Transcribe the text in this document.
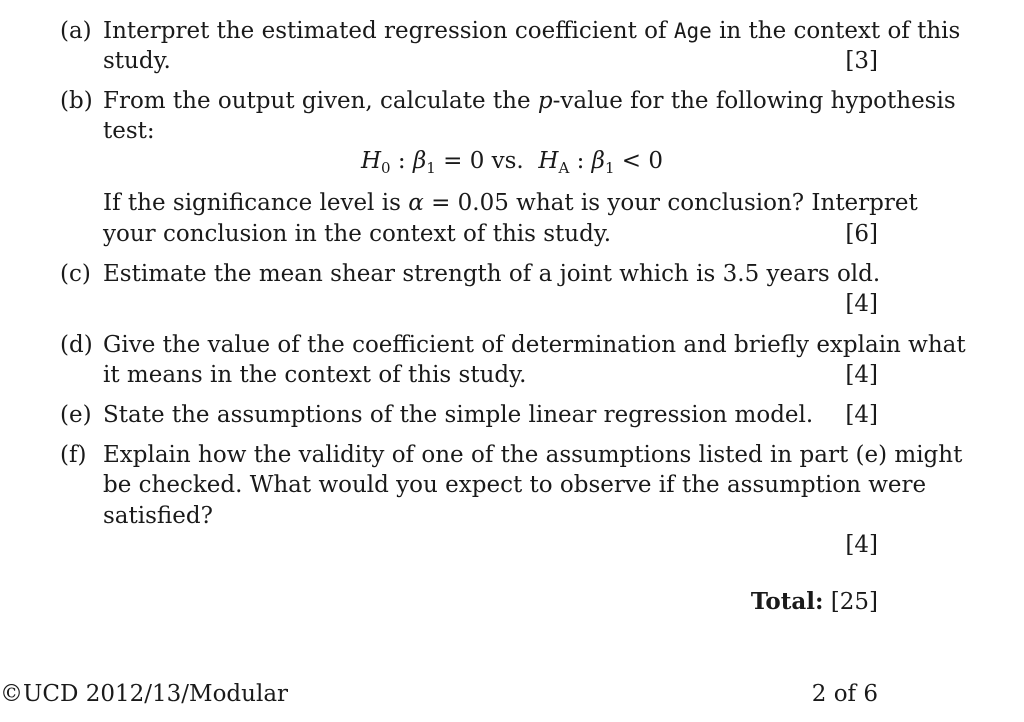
(a) Interpret the estimated regression coefficient of Age in the context of this
study.	[3]
(b) From the output given, calculate the p-value for the following hypothesis
test:
$H_0$ : $\beta_1 = 0$ vs.  $H_A$ : $\beta_1 < 0$
If the significance level is α = 0.05 what is your conclusion? Interpret
your conclusion in the context of this study.	[6]
(c) Estimate the mean shear strength of a joint which is 3.5 years old.
[4]
(d) Give the value of the coefficient of determination and briefly explain what
it means in the context of this study.	[4]
(e) State the assumptions of the simple linear regression model. [4]
(f) Explain how the validity of one of the assumptions listed in part (e) might
be checked. What would you expect to observe if the assumption were
satisfied?
[4]
Total: [25]
©UCD 2012/13/Modular	2 of 6
